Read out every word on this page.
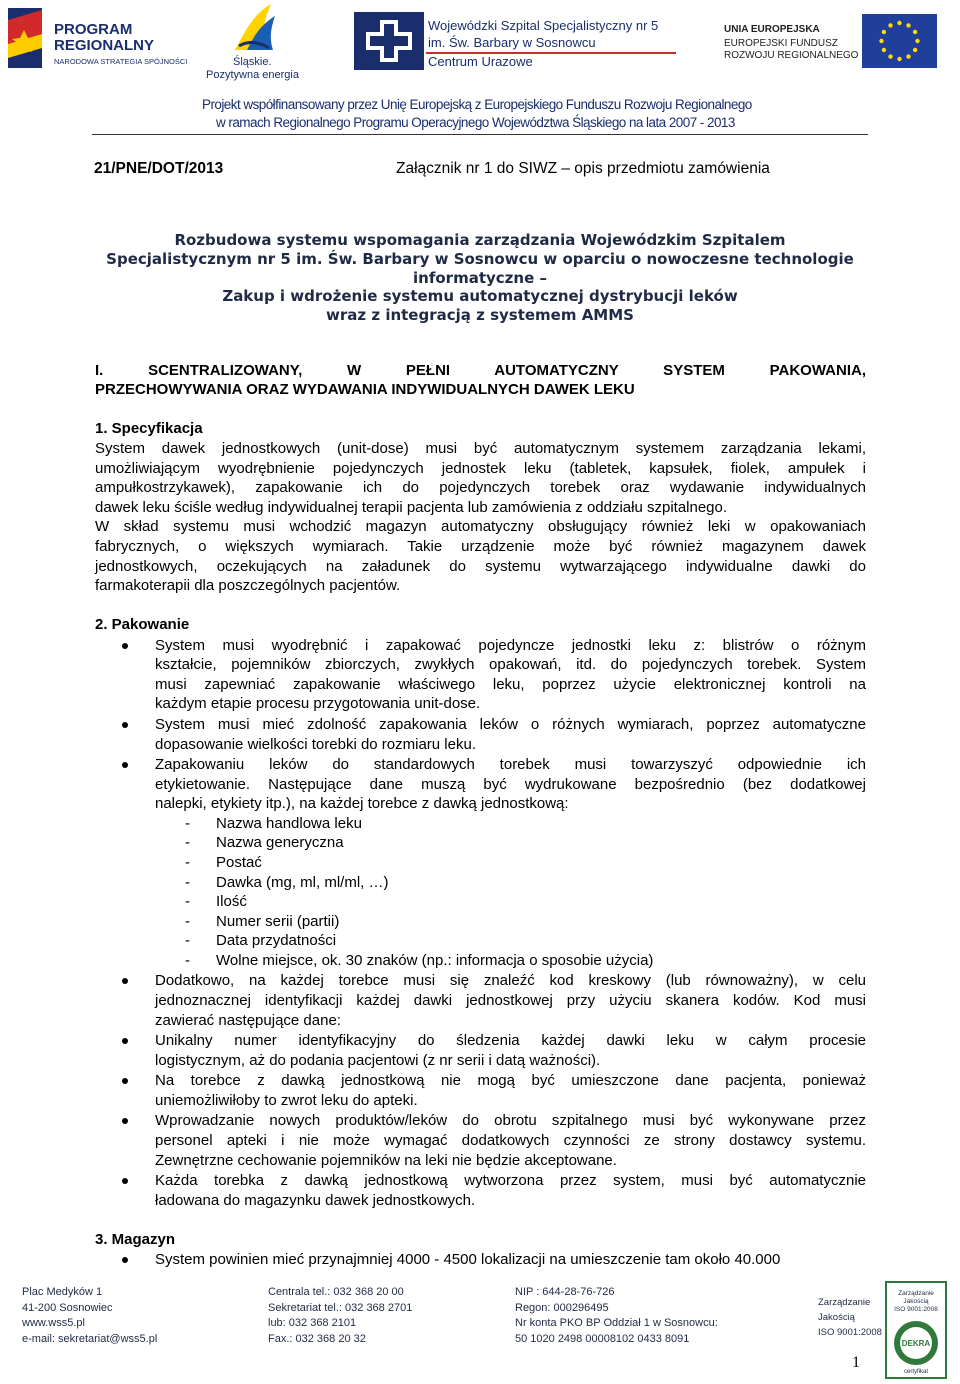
PROGRAM
REGIONALNY
NARODOWA STRATEGIA SPÓJNOŚCI	Śląskie.
Pozytywna energia
Wojewódzki Szpital Specjalistyczny nr 5
im. Św. Barbary w Sosnowcu
Centrum Urazowe
UNIA EUROPEJSKA
EUROPEJSKI FUNDUSZ
ROZWOJU REGIONALNEGO
Projekt współfinansowany przez Unię Europejską z Europejskiego Funduszu Rozwoju Regionalnego
w ramach Regionalnego Programu Operacyjnego Województwa Śląskiego na lata 2007 - 2013
21/PNE/DOT/2013	Załącznik nr 1 do SIWZ – opis przedmiotu zamówienia
Rozbudowa systemu wspomagania zarządzania Wojewódzkim Szpitalem
Specjalistycznym nr 5 im. Św. Barbary w Sosnowcu w oparciu o nowoczesne technologie
informatyczne –
Zakup i wdrożenie systemu automatycznej dystrybucji leków
wraz z integracją z systemem AMMS
I. SCENTRALIZOWANY, W PEŁNI AUTOMATYCZNY SYSTEM PAKOWANIA,
PRZECHOWYWANIA ORAZ WYDAWANIA INDYWIDUALNYCH DAWEK LEKU
1. Specyfikacja
System dawek jednostkowych (unit-dose) musi być automatycznym systemem zarządzania lekami,
umożliwiającym wyodrębnienie pojedynczych jednostek leku (tabletek, kapsułek, fiolek, ampułek i
ampułkostrzykawek), zapakowanie ich do pojedynczych torebek oraz wydawanie indywidualnych
dawek leku ściśle według indywidualnej terapii pacjenta lub zamówienia z oddziału szpitalnego.
W skład systemu musi wchodzić magazyn automatyczny obsługujący również leki w opakowaniach
fabrycznych, o większych wymiarach. Takie urządzenie może być również magazynem dawek
jednostkowych, oczekujących na załadunek do systemu wytwarzającego indywidualne dawki do
farmakoterapii dla poszczególnych pacjentów.
2. Pakowanie
System musi wyodrębnić i zapakować pojedyncze jednostki leku z: blistrów o różnym
kształcie, pojemników zbiorczych, zwykłych opakowań, itd. do pojedynczych torebek. System
musi zapewniać zapakowanie właściwego leku, poprzez użycie elektronicznej kontroli na
każdym etapie procesu przygotowania unit-dose.
System musi mieć zdolność zapakowania leków o różnych wymiarach, poprzez automatyczne
dopasowanie wielkości torebki do rozmiaru leku.
Zapakowaniu leków do standardowych torebek musi towarzyszyć odpowiednie ich
etykietowanie. Następujące dane muszą być wydrukowane bezpośrednio (bez dodatkowej
nalepki, etykiety itp.), na każdej torebce z dawką jednostkową:
- Nazwa handlowa leku
- Nazwa generyczna
- Postać
- Dawka (mg, ml, ml/ml, …)
- Ilość
- Numer serii (partii)
- Data przydatności
- Wolne miejsce, ok. 30 znaków (np.: informacja o sposobie użycia)
Dodatkowo, na każdej torebce musi się znaleźć kod kreskowy (lub równoważny), w celu
jednoznacznej identyfikacji każdej dawki jednostkowej przy użyciu skanera kodów. Kod musi
zawierać następujące dane:
Unikalny numer identyfikacyjny do śledzenia każdej dawki leku w całym procesie
logistycznym, aż do podania pacjentowi (z nr serii i datą ważności).
Na torebce z dawką jednostkową nie mogą być umieszczone dane pacjenta, ponieważ
uniemożliwiłoby to zwrot leku do apteki.
Wprowadzanie nowych produktów/leków do obrotu szpitalnego musi być wykonywane przez
personel apteki i nie może wymagać dodatkowych czynności ze strony dostawcy systemu.
Zewnętrzne cechowanie pojemników na leki nie będzie akceptowane.
Każda torebka z dawką jednostkową wytworzona przez system, musi być automatycznie
ładowana do magazynku dawek jednostkowych.
3. Magazyn
System powinien mieć przynajmniej 4000 - 4500 lokalizacji na umieszczenie tam około 40.000
Plac Medyków 1
41-200 Sosnowiec
www.wss5.pl
e-mail: sekretariat@wss5.pl
Centrala tel.: 032 368 20 00
Sekretariat tel.: 032 368 2701
lub: 032 368 2101
Fax.: 032 368 20 32
NIP : 644-28-76-726
Regon: 000296495
Nr konta PKO BP Oddział 1 w Sosnowcu:
50 1020 2498 00008102 0433 8091
Zarządzanie
Jakością
ISO 9001:2008
Zarządzanie
Jakością
ISO 9001:2008
DEKRA
certyfikat
1
